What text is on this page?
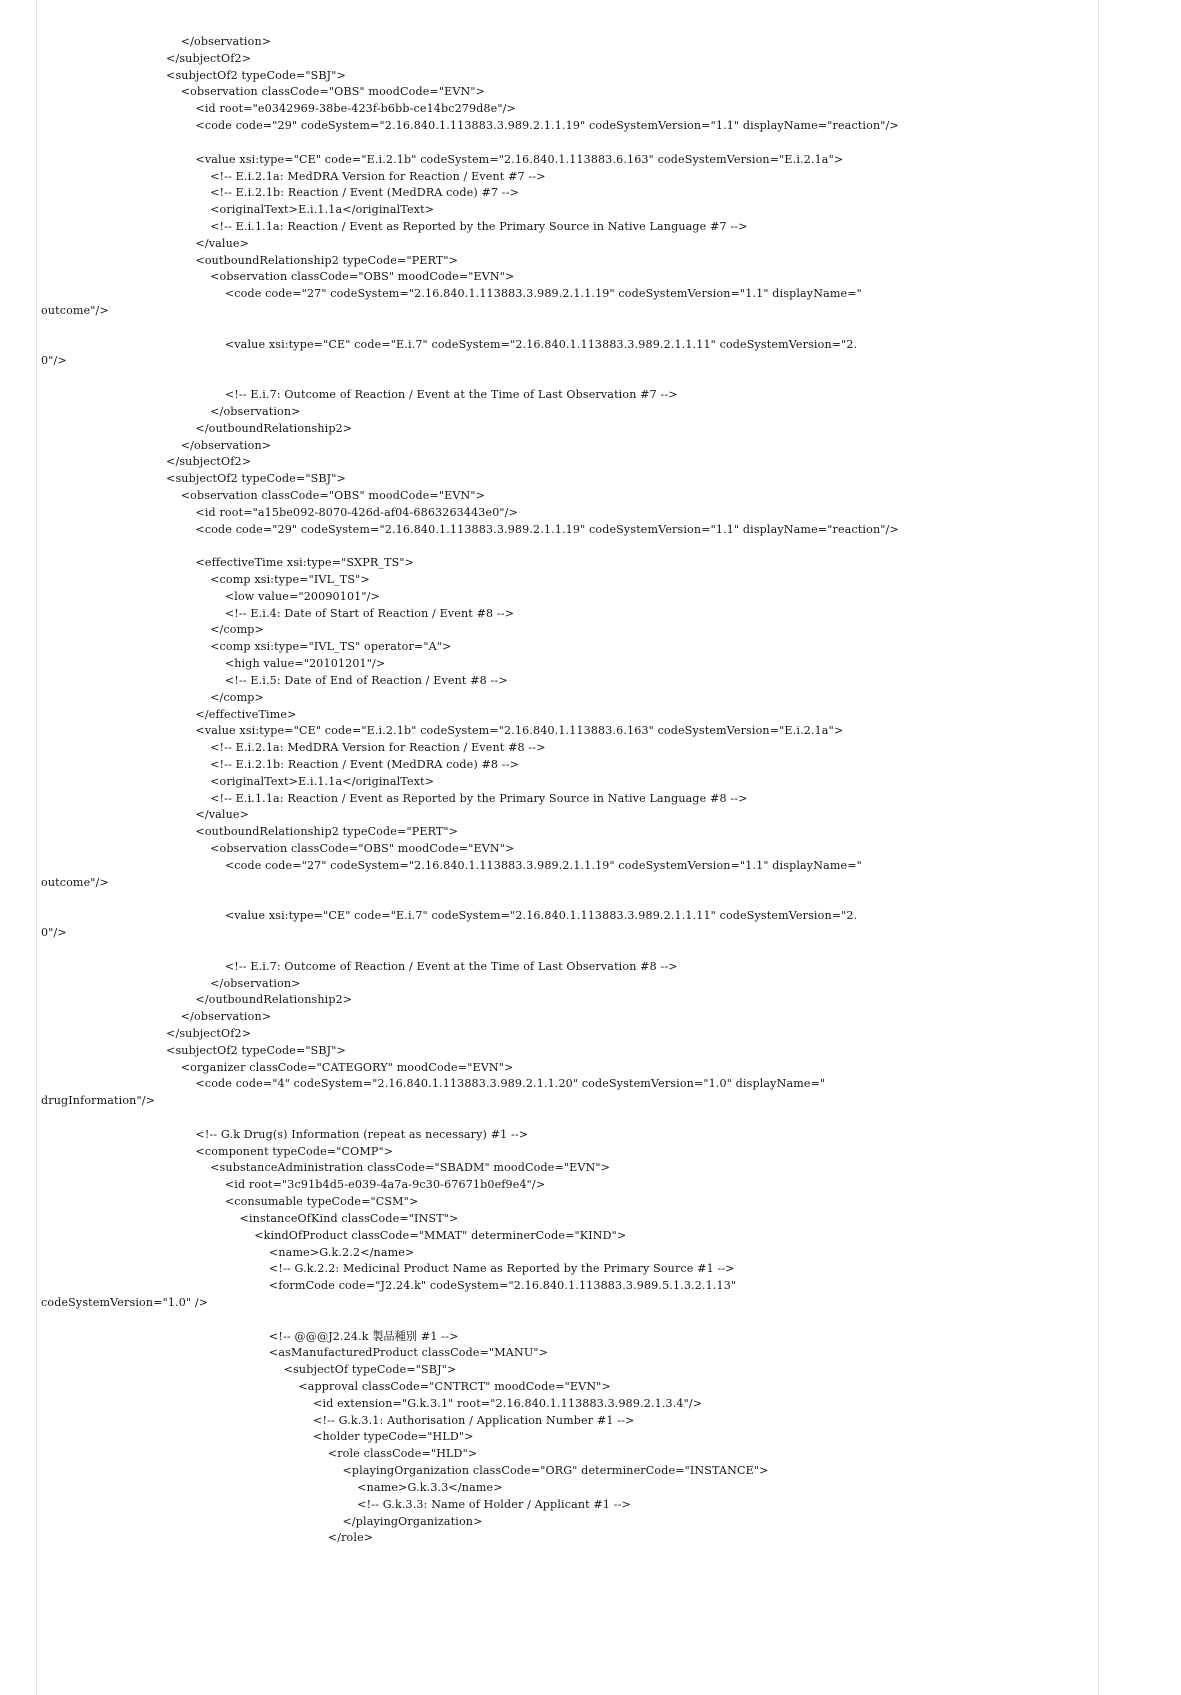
</observation>
</subjectOf2>
<subjectOf2 typeCode="SBJ">
<observation classCode="OBS" moodCode="EVN">
<id root="e0342969-38be-423f-b6bb-ce14bc279d8e"/>
<code code="29" codeSystem="2.16.840.1.113883.3.989.2.1.1.19" codeSystemVersion="1.1" displayName="reaction"/>
<value xsi:type="CE" code="E.i.2.1b" codeSystem="2.16.840.1.113883.6.163" codeSystemVersion="E.i.2.1a">
<!-- E.i.2.1a: MedDRA Version for Reaction / Event #7 -->
<!-- E.i.2.1b: Reaction / Event (MedDRA code) #7 -->
<originalText>E.i.1.1a</originalText>
<!-- E.i.1.1a: Reaction / Event as Reported by the Primary Source in Native Language #7 -->
</value>
<outboundRelationship2 typeCode="PERT">
<observation classCode="OBS" moodCode="EVN">
<code code="27" codeSystem="2.16.840.1.113883.3.989.2.1.1.19" codeSystemVersion="1.1" displayName="
outcome"/>
<value xsi:type="CE" code="E.i.7" codeSystem="2.16.840.1.113883.3.989.2.1.1.11" codeSystemVersion="2.
0"/>
<!-- E.i.7: Outcome of Reaction / Event at the Time of Last Observation #7 -->
</observation>
</outboundRelationship2>
</observation>
</subjectOf2>
<subjectOf2 typeCode="SBJ">
<observation classCode="OBS" moodCode="EVN">
<id root="a15be092-8070-426d-af04-6863263443e0"/>
<code code="29" codeSystem="2.16.840.1.113883.3.989.2.1.1.19" codeSystemVersion="1.1" displayName="reaction"/>
<effectiveTime xsi:type="SXPR_TS">
<comp xsi:type="IVL_TS">
<low value="20090101"/>
<!-- E.i.4: Date of Start of Reaction / Event #8 -->
</comp>
<comp xsi:type="IVL_TS" operator="A">
<high value="20101201"/>
<!-- E.i.5: Date of End of Reaction / Event #8 -->
</comp>
</effectiveTime>
<value xsi:type="CE" code="E.i.2.1b" codeSystem="2.16.840.1.113883.6.163" codeSystemVersion="E.i.2.1a">
<!-- E.i.2.1a: MedDRA Version for Reaction / Event #8 -->
<!-- E.i.2.1b: Reaction / Event (MedDRA code) #8 -->
<originalText>E.i.1.1a</originalText>
<!-- E.i.1.1a: Reaction / Event as Reported by the Primary Source in Native Language #8 -->
</value>
<outboundRelationship2 typeCode="PERT">
<observation classCode="OBS" moodCode="EVN">
<code code="27" codeSystem="2.16.840.1.113883.3.989.2.1.1.19" codeSystemVersion="1.1" displayName="
outcome"/>
<value xsi:type="CE" code="E.i.7" codeSystem="2.16.840.1.113883.3.989.2.1.1.11" codeSystemVersion="2.
0"/>
<!-- E.i.7: Outcome of Reaction / Event at the Time of Last Observation #8 -->
</observation>
</outboundRelationship2>
</observation>
</subjectOf2>
<subjectOf2 typeCode="SBJ">
<organizer classCode="CATEGORY" moodCode="EVN">
<code code="4" codeSystem="2.16.840.1.113883.3.989.2.1.1.20" codeSystemVersion="1.0" displayName="
drugInformation"/>
<!-- G.k Drug(s) Information (repeat as necessary) #1 -->
<component typeCode="COMP">
<substanceAdministration classCode="SBADM" moodCode="EVN">
<id root="3c91b4d5-e039-4a7a-9c30-67671b0ef9e4"/>
<consumable typeCode="CSM">
<instanceOfKind classCode="INST">
<kindOfProduct classCode="MMAT" determinerCode="KIND">
<name>G.k.2.2</name>
<!-- G.k.2.2: Medicinal Product Name as Reported by the Primary Source #1 -->
<formCode code="J2.24.k" codeSystem="2.16.840.1.113883.3.989.5.1.3.2.1.13"
codeSystemVersion="1.0" />
<!-- @@@J2.24.k 製品種別 #1 -->
<asManufacturedProduct classCode="MANU">
<subjectOf typeCode="SBJ">
<approval classCode="CNTRCT" moodCode="EVN">
<id extension="G.k.3.1" root="2.16.840.1.113883.3.989.2.1.3.4"/>
<!-- G.k.3.1: Authorisation / Application Number #1 -->
<holder typeCode="HLD">
<role classCode="HLD">
<playingOrganization classCode="ORG" determinerCode="INSTANCE">
<name>G.k.3.3</name>
<!-- G.k.3.3: Name of Holder / Applicant #1 -->
</playingOrganization>
</role>
